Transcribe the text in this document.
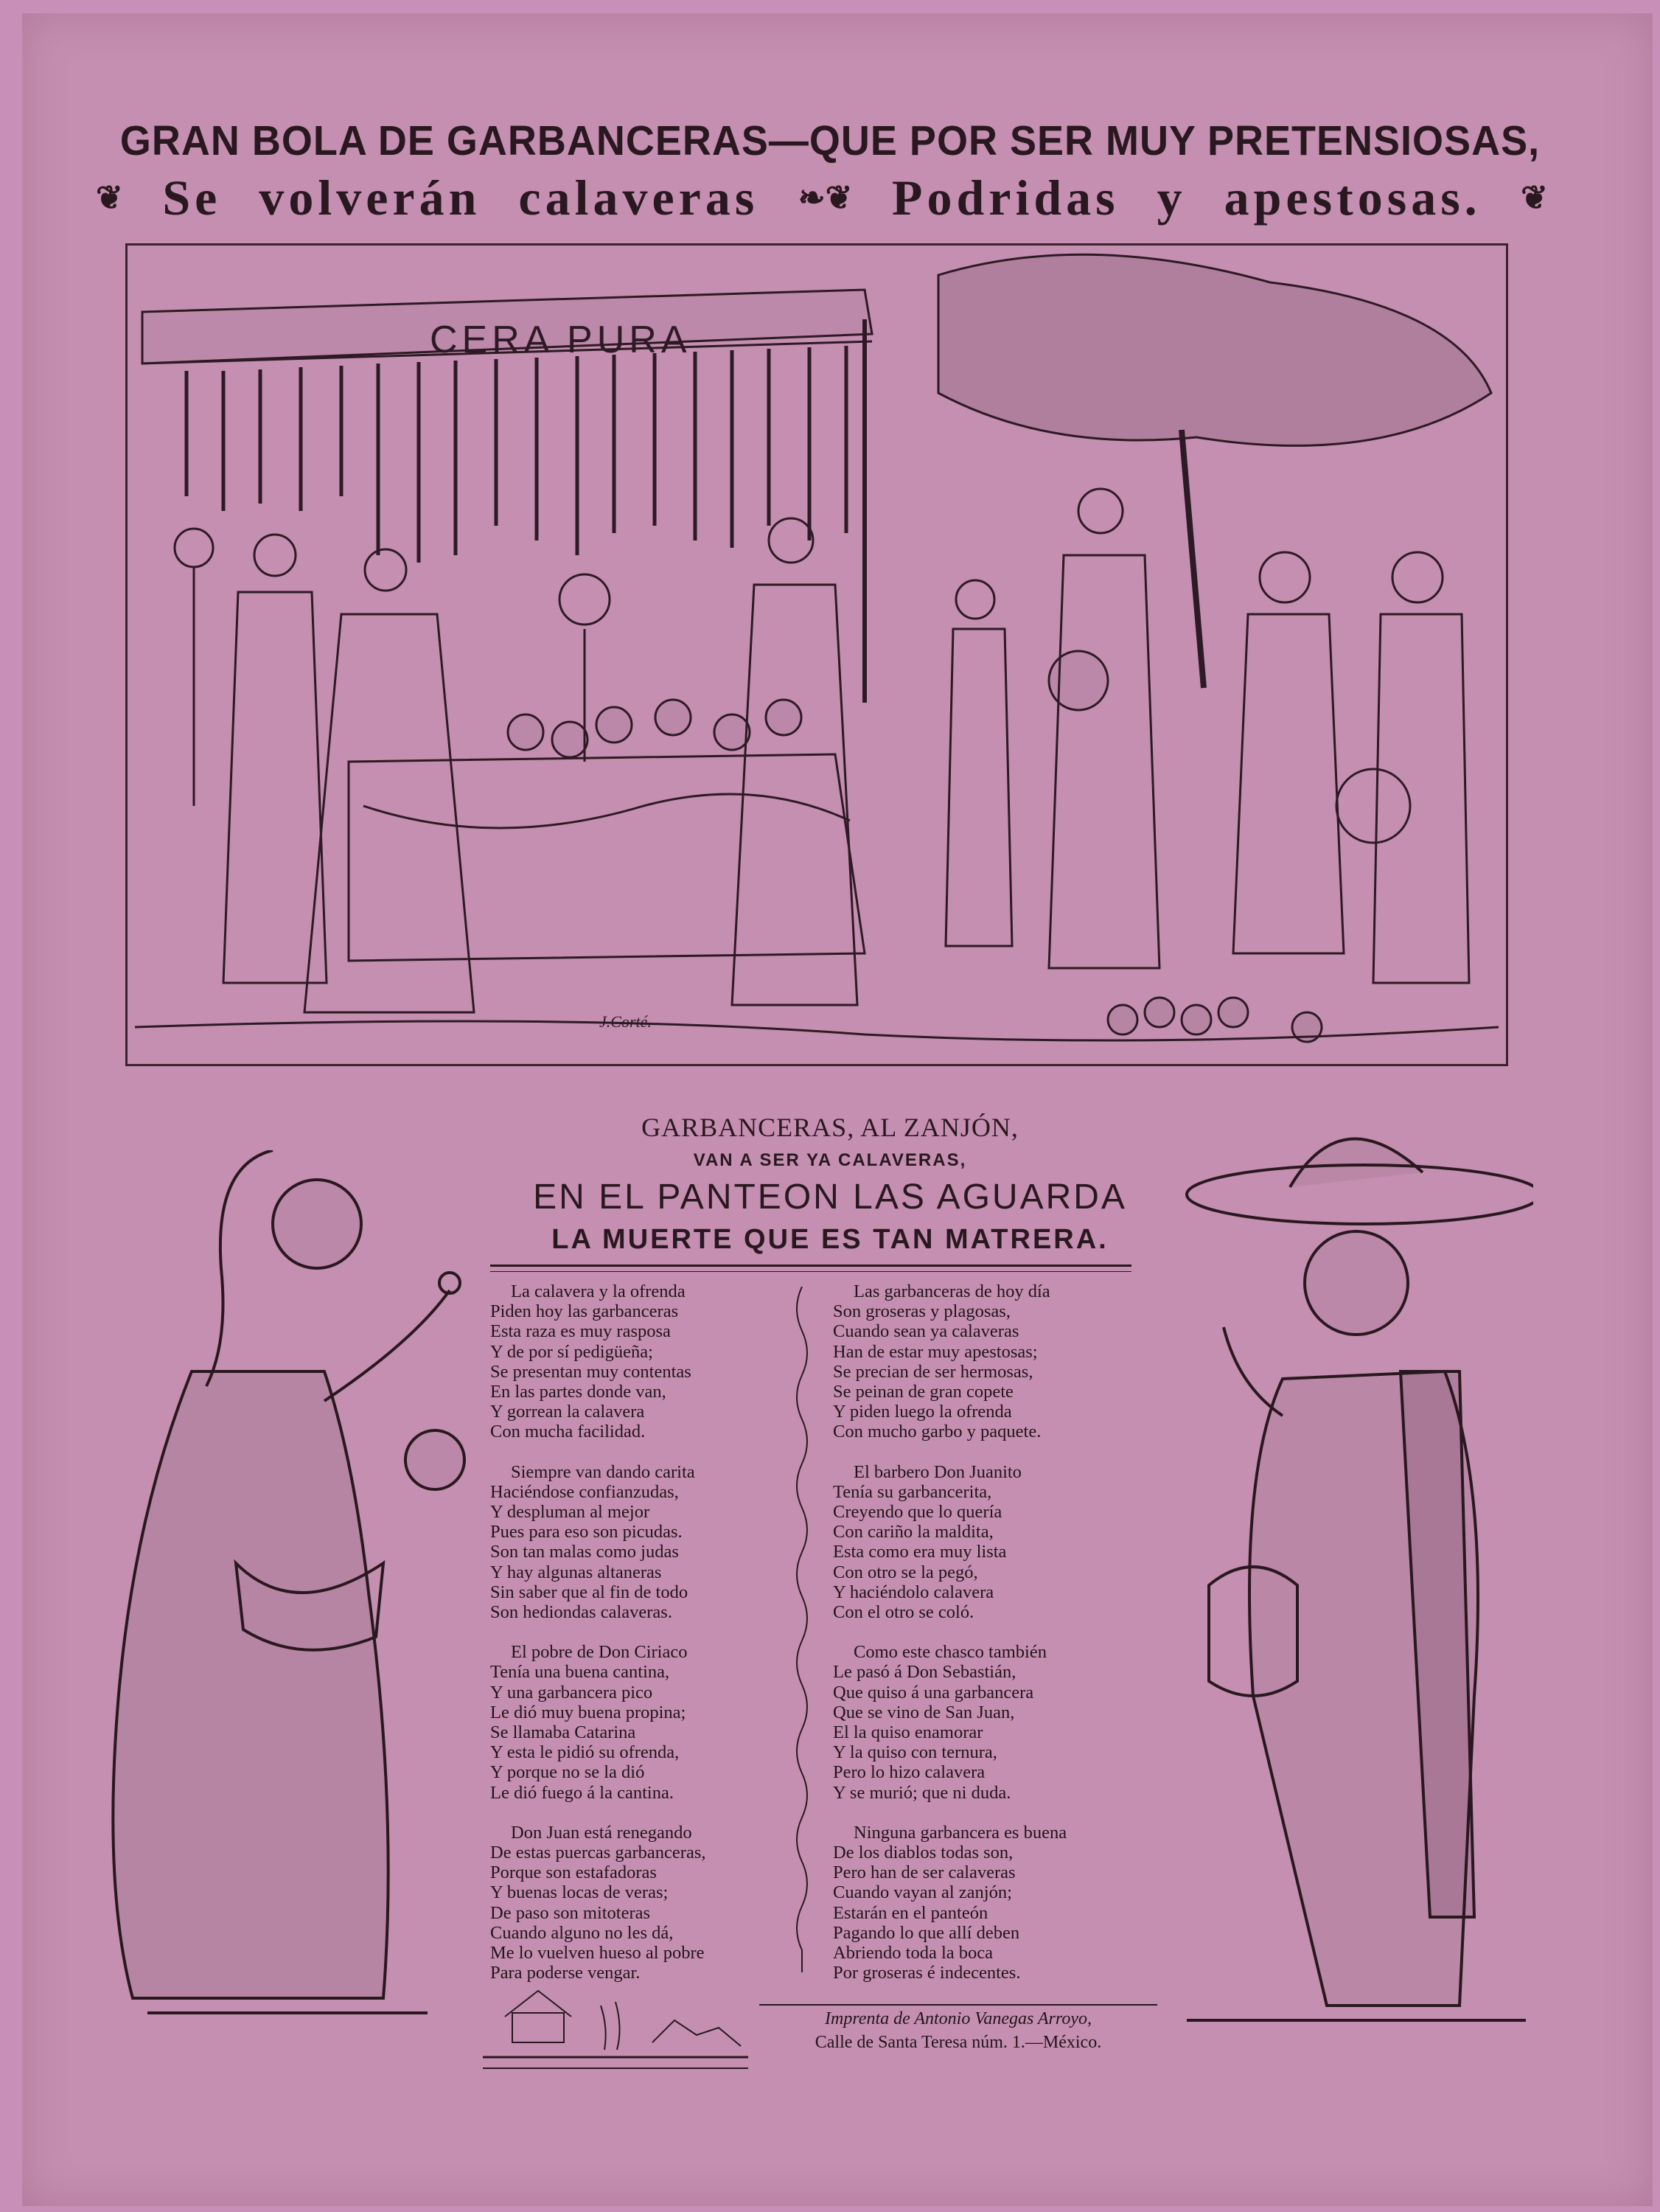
GRAN BOLA DE GARBANCERAS—QUE POR SER MUY PRETENSIOSAS,
❦ Se volverán calaveras ❧❦ Podridas y apestosas. ❦
CERA PURA
J.Corté.
GARBANCERAS, AL ZANJÓN,
VAN A SER YA CALAVERAS,
EN EL PANTEON LAS AGUARDA
LA MUERTE QUE ES TAN MATRERA.
La calavera y la ofrenda
Piden hoy las garbanceras
Esta raza es muy rasposa
Y de por sí pedigüeña;
Se presentan muy contentas
En las partes donde van,
Y gorrean la calavera
Con mucha facilidad.
Siempre van dando carita
Haciéndose confianzudas,
Y despluman al mejor
Pues para eso son picudas.
Son tan malas como judas
Y hay algunas altaneras
Sin saber que al fin de todo
Son hediondas calaveras.
El pobre de Don Ciriaco
Tenía una buena cantina,
Y una garbancera pico
Le dió muy buena propina;
Se llamaba Catarina
Y esta le pidió su ofrenda,
Y porque no se la dió
Le dió fuego á la cantina.
Don Juan está renegando
De estas puercas garbanceras,
Porque son estafadoras
Y buenas locas de veras;
De paso son mitoteras
Cuando alguno no les dá,
Me lo vuelven hueso al pobre
Para poderse vengar.
Las garbanceras de hoy día
Son groseras y plagosas,
Cuando sean ya calaveras
Han de estar muy apestosas;
Se precian de ser hermosas,
Se peinan de gran copete
Y piden luego la ofrenda
Con mucho garbo y paquete.
El barbero Don Juanito
Tenía su garbancerita,
Creyendo que lo quería
Con cariño la maldita,
Esta como era muy lista
Con otro se la pegó,
Y haciéndolo calavera
Con el otro se coló.
Como este chasco también
Le pasó á Don Sebastián,
Que quiso á una garbancera
Que se vino de San Juan,
El la quiso enamorar
Y la quiso con ternura,
Pero lo hizo calavera
Y se murió; que ni duda.
Ninguna garbancera es buena
De los diablos todas son,
Pero han de ser calaveras
Cuando vayan al zanjón;
Estarán en el panteón
Pagando lo que allí deben
Abriendo toda la boca
Por groseras é indecentes.
Imprenta de Antonio Vanegas Arroyo,
Calle de Santa Teresa núm. 1.—México.
